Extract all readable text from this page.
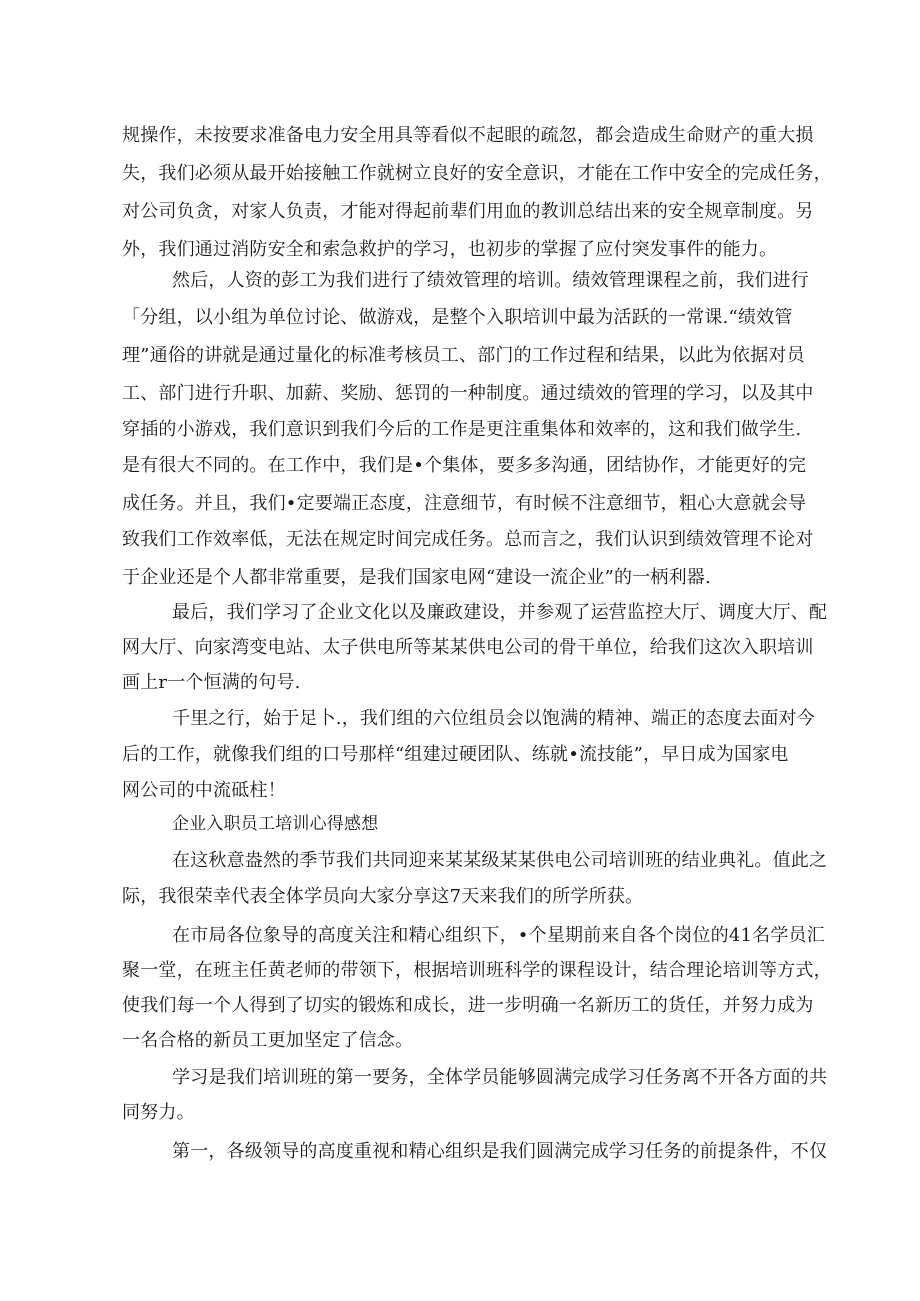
规操作，未按要求准备电力安全用具等看似不起眼的疏忽，都会造成生命财产的重大损
失，我们必须从最开始接触工作就树立良好的安全意识，才能在工作中安全的完成任务，
对公司负贪，对家人负责，才能对得起前辈们用血的教训总结出来的安全规章制度。另
外，我们通过消防安全和索急救护的学习，也初步的掌握了应付突发事件的能力。
然后，人资的彭工为我们进行了绩效管理的培训。绩效管理课程之前，我们进行
「分组，以小组为单位讨论、做游戏，是整个入职培训中最为活跃的一常课.“绩效管
理”通俗的讲就是通过量化的标准考核员工、部门的工作过程和结果，以此为依据对员
工、部门进行升职、加薪、奖励、惩罚的一种制度。通过绩效的管理的学习，以及其中
穿插的小游戏，我们意识到我们今后的工作是更注重集体和效率的，这和我们做学生.
是有很大不同的。在工作中，我们是•个集体，要多多沟通，团结协作，才能更好的完
成任务。并且，我们•定要端正态度，注意细节，有时候不注意细节，粗心大意就会导
致我们工作效率低，无法在规定时间完成任务。总而言之，我们认识到绩效管理不论对
于企业还是个人都非常重要，是我们国家电网“建设一流企业”的一柄利器.
最后，我们学习了企业文化以及廉政建设，并参观了运营监控大厅、调度大厅、配
网大厅、向家湾变电站、太子供电所等某某供电公司的骨干单位，给我们这次入职培训
画上r一个恒满的句号.
千里之行，始于足卜.，我们组的六位组员会以饱满的精神、端正的态度去面对今
后的工作，就像我们组的口号那样“组建过硬团队、练就•流技能”，早日成为国家电
网公司的中流砥柱！
企业入职员工培训心得感想
在这秋意盎然的季节我们共同迎来某某级某某供电公司培训班的结业典礼。值此之
际，我很荣幸代表全体学员向大家分享这7天来我们的所学所获。
在市局各位象导的高度关注和精心组织下，•个星期前来自各个岗位的41名学员汇
聚一堂，在班主任黄老师的带领下，根据培训班科学的课程设计，结合理论培训等方式，
使我们每一个人得到了切实的锻炼和成长，进一步明确一名新历工的货任，并努力成为
一名合格的新员工更加坚定了信念。
学习是我们培训班的第一要务，全体学员能够圆满完成学习任务离不开各方面的共
同努力。
第一，各级领导的高度重视和精心组织是我们圆满完成学习任务的前提条件，不仅
